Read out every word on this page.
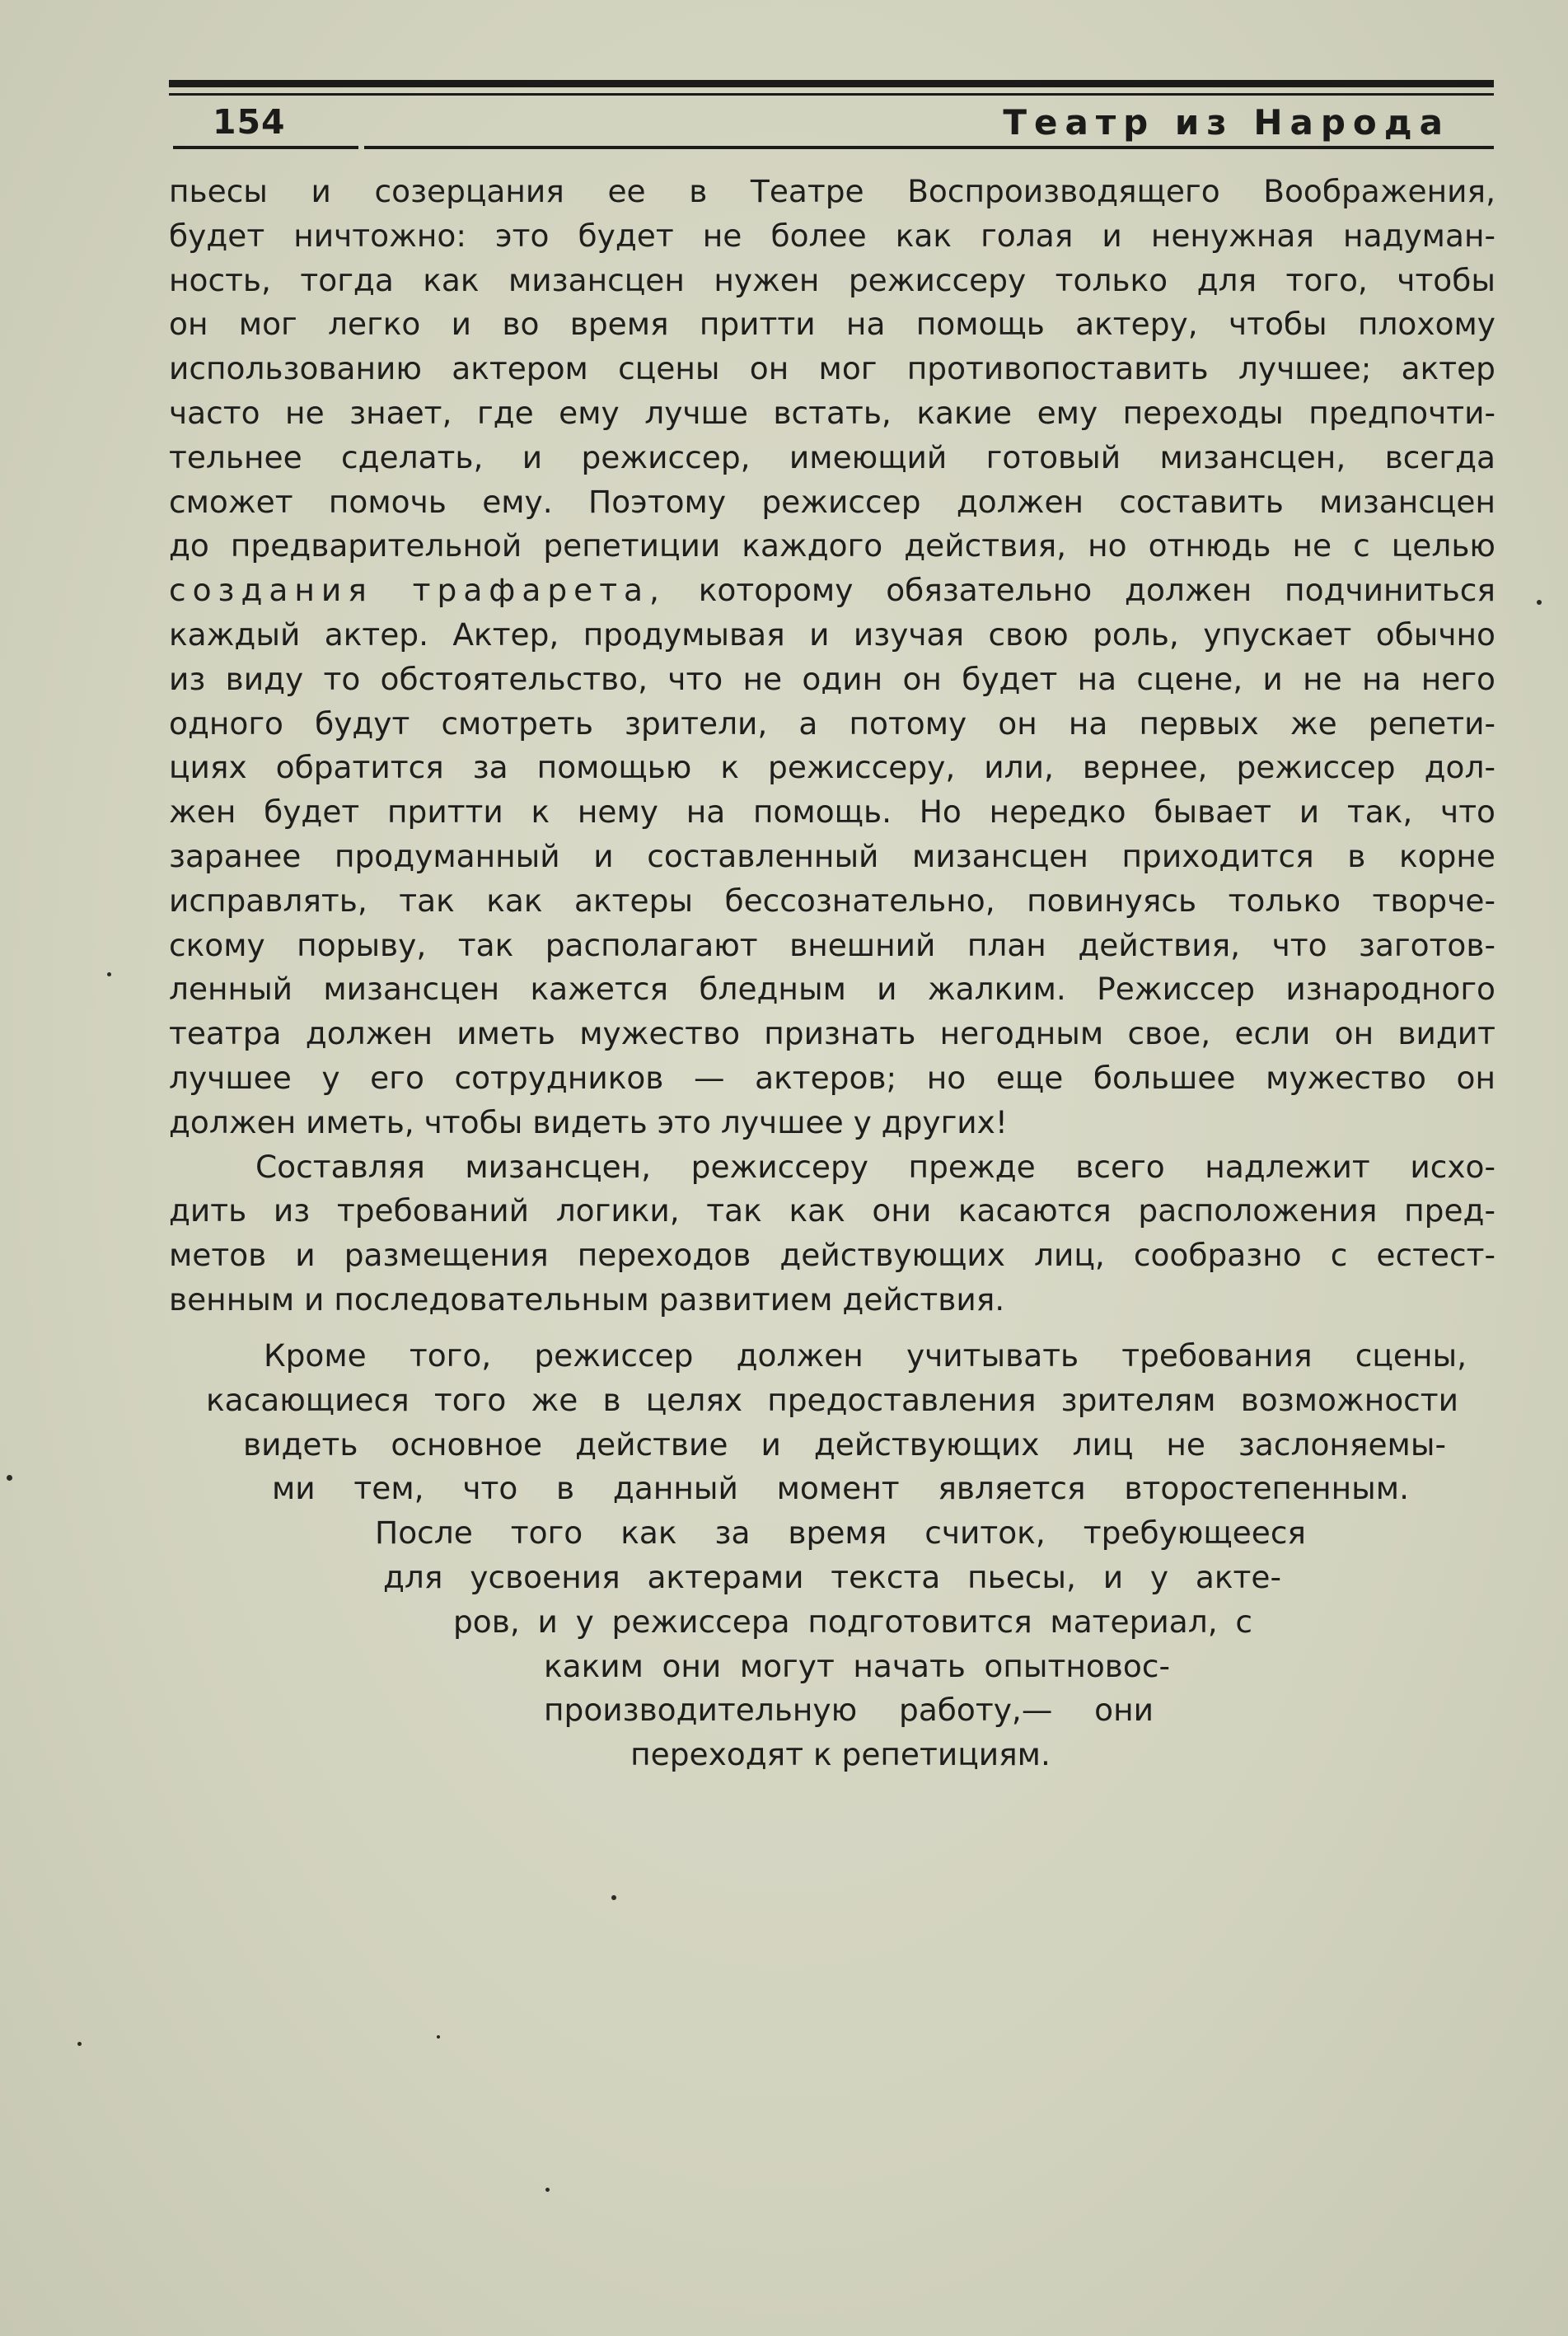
154	Театр из Народа
пьесы и созерцания ее в Театре Воспроизводящего Воображения,
будет ничтожно: это будет не более как голая и ненужная надуман-
ность, тогда как мизансцен нужен режиссеру только для того, чтобы
он мог легко и во время притти на помощь актеру, чтобы плохому
использованию актером сцены он мог противопоставить лучшее; актер
часто не знает, где ему лучше встать, какие ему переходы предпочти-
тельнее сделать, и режиссер, имеющий готовый мизансцен, всегда
сможет помочь ему. Поэтому режиссер должен составить мизансцен
до предварительной репетиции каждого действия, но отнюдь не с целью
создания трафарета, которому обязательно должен подчиниться
каждый актер. Актер, продумывая и изучая свою роль, упускает обычно
из виду то обстоятельство, что не один он будет на сцене, и не на него
одного будут смотреть зрители, а потому он на первых же репети-
циях обратится за помощью к режиссеру, или, вернее, режиссер дол-
жен будет притти к нему на помощь. Но нередко бывает и так, что
заранее продуманный и составленный мизансцен приходится в корне
исправлять, так как актеры бессознательно, повинуясь только творче-
скому порыву, так располагают внешний план действия, что заготов-
ленный мизансцен кажется бледным и жалким. Режиссер изнародного
театра должен иметь мужество признать негодным свое, если он видит
лучшее у его сотрудников — актеров; но еще большее мужество он
должен иметь, чтобы видеть это лучшее у других!
Составляя мизансцен, режиссеру прежде всего надлежит исхо-
дить из требований логики, так как они касаются расположения пред-
метов и размещения переходов действующих лиц, сообразно с естест-
венным и последовательным развитием действия.
Кроме того, режиссер должен учитывать требования сцены,
касающиеся того же в целях предоставления зрителям возможности
видеть основное действие и действующих лиц не заслоняемы-
ми тем, что в данный момент является второстепенным.
После того как за время считок, требующееся
для усвоения актерами текста пьесы, и у акте-
ров, и у режиссера подготовится материал, с
каким они могут начать опытновос-
производительную работу,— они
переходят к репетициям.
